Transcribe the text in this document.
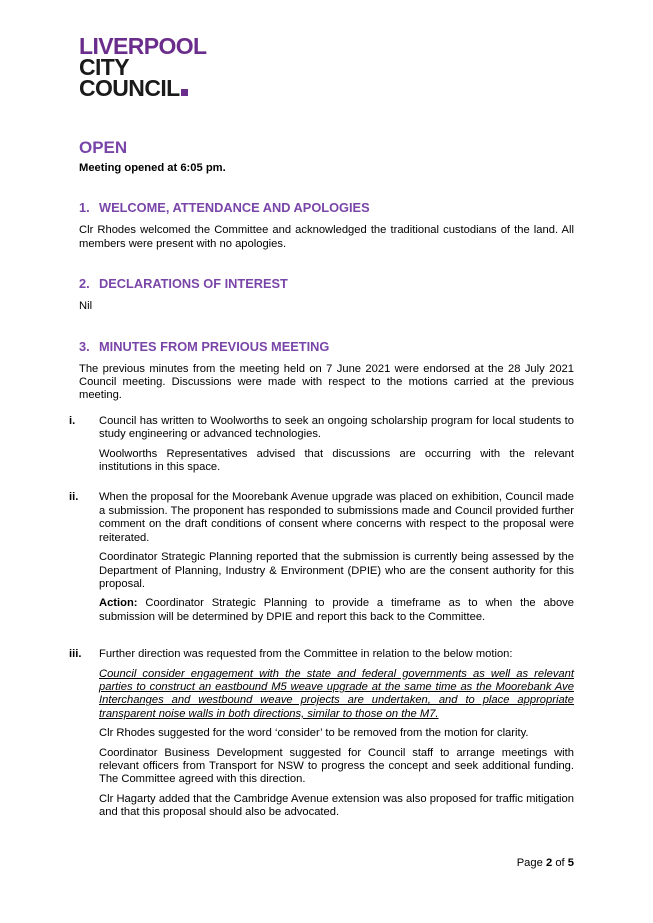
LIVERPOOL
CITY
COUNCIL
OPEN

Meeting opened at 6:05 pm.

1. WELCOME, ATTENDANCE AND APOLOGIES

Clr Rhodes welcomed the Committee and acknowledged the traditional custodians of the land. All members were present with no apologies.

2. DECLARATIONS OF INTEREST

Nil

3. MINUTES FROM PREVIOUS MEETING

The previous minutes from the meeting held on 7 June 2021 were endorsed at the 28 July 2021 Council meeting. Discussions were made with respect to the motions carried at the previous meeting.

i.	Council has written to Woolworths to seek an ongoing scholarship program for local students to study engineering or advanced technologies.

Woolworths Representatives advised that discussions are occurring with the relevant institutions in this space.

ii.	When the proposal for the Moorebank Avenue upgrade was placed on exhibition, Council made a submission. The proponent has responded to submissions made and Council provided further comment on the draft conditions of consent where concerns with respect to the proposal were reiterated.

Coordinator Strategic Planning reported that the submission is currently being assessed by the Department of Planning, Industry & Environment (DPIE) who are the consent authority for this proposal.

Action: Coordinator Strategic Planning to provide a timeframe as to when the above submission will be determined by DPIE and report this back to the Committee.

iii.	Further direction was requested from the Committee in relation to the below motion:

Council consider engagement with the state and federal governments as well as relevant parties to construct an eastbound M5 weave upgrade at the same time as the Moorebank Ave Interchanges and westbound weave projects are undertaken, and to place appropriate transparent noise walls in both directions, similar to those on the M7.

Clr Rhodes suggested for the word ‘consider’ to be removed from the motion for clarity.

Coordinator Business Development suggested for Council staff to arrange meetings with relevant officers from Transport for NSW to progress the concept and seek additional funding. The Committee agreed with this direction.

Clr Hagarty added that the Cambridge Avenue extension was also proposed for traffic mitigation and that this proposal should also be advocated.

Page 2 of 5
